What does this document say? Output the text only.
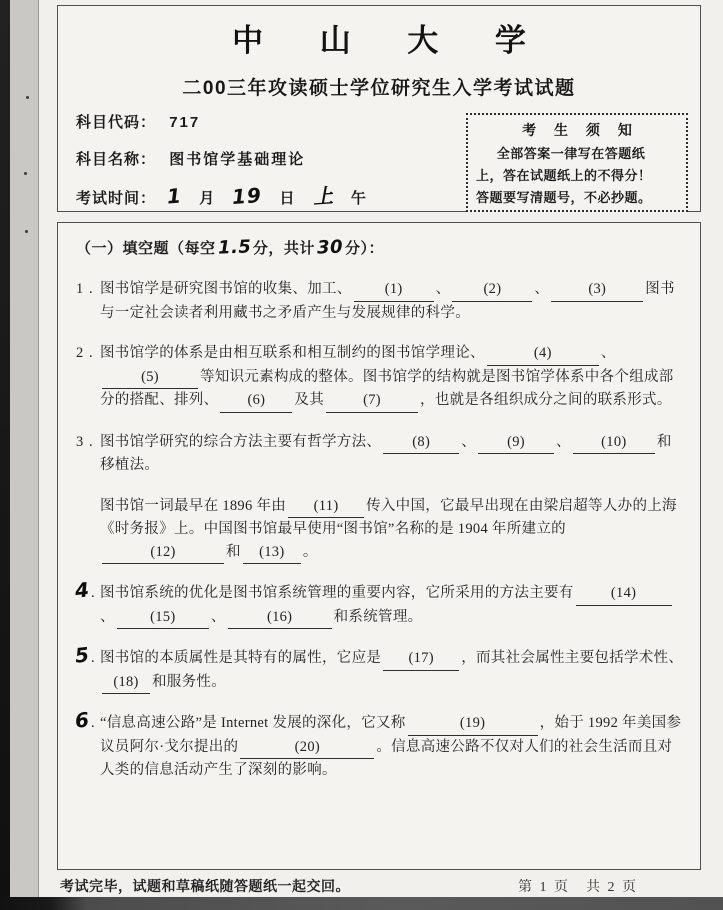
中 山 大 学
二00三年攻读硕士学位研究生入学考试试题
科目代码： 717
科目名称： 图书馆学基础理论
考试时间： 1 月 19 日 上 午
考 生 须 知
全部答案一律写在答题纸
上，答在试题纸上的不得分！
答题要写清题号，不必抄题。
（一）填空题（每空1.5 分，共计30 分）：
1 . 图书馆学是研究图书馆的收集、加工、 (1) 、 (2) 、	(3)	图书与一定社会读者利用藏书之矛盾产生与发展规律的科学。
2 . 图书馆学的体系是由相互联系和相互制约的图书馆学理论、	(4)	、(5)	等知识元素构成的整体。图书馆学的结构就是图书馆学体系中各个组成部分的搭配、排列、 (6) 及其	(7)	，也就是各组织成分之间的联系形式。
3 . 图书馆学研究的综合方法主要有哲学方法、 (8) 、 (9) 、 (10) 和移植法。
图书馆一词最早在 1896 年由 (11) 传入中国，它最早出现在由梁启超等人办的上海《时务报》上。中国图书馆最早使用“图书馆”名称的是 1904 年所建立的(12)	和 (13) 。
4 . 图书馆系统的优化是图书馆系统管理的重要内容，它所采用的方法主要有	(14)、 (15) 、	(16)	和系统管理。
5 . 图书馆的本质属性是其特有的属性，它应是 (17) ，而其社会属性主要包括学术性、(18) 和服务性。
6 . “信息高速公路”是 Internet 发展的深化，它又称	(19)	，始于 1992 年美国参议员阿尔·戈尔提出的	(20)	。信息高速公路不仅对人们的社会生活而且对人类的信息活动产生了深刻的影响。
考试完毕，试题和草稿纸随答题纸一起交回。	第 1 页　共 2 页
